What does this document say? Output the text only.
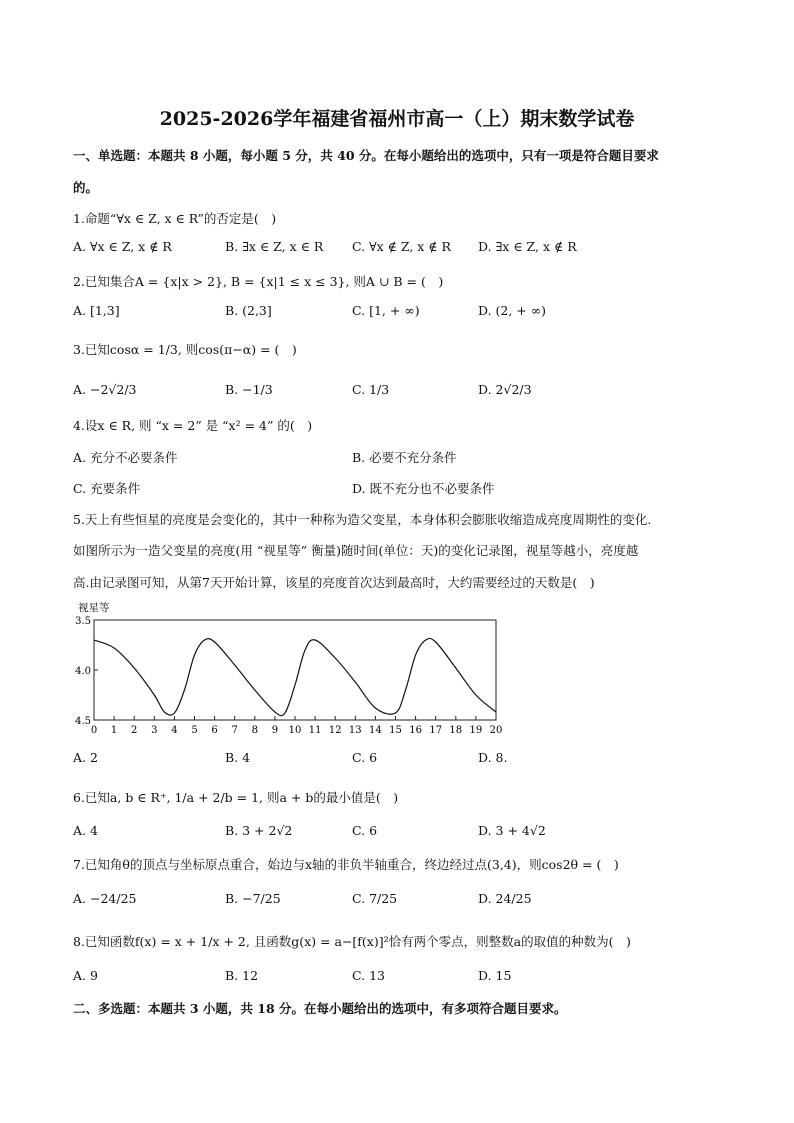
2025-2026学年福建省福州市高一（上）期末数学试卷
一、单选题：本题共 8 小题，每小题 5 分，共 40 分。在每小题给出的选项中，只有一项是符合题目要求
的。
1.命题“∀x ∈ Z, x ∈ R”的否定是(　)
A. ∀x ∈ Z, x ∉ R	B. ∃x ∈ Z, x ∈ R C. ∀x ∉ Z, x ∉ R D. ∃x ∈ Z, x ∉ R
2.已知集合A = {x|x > 2}, B = {x|1 ≤ x ≤ 3}, 则A ∪ B = (　)
A. [1,3]	B. (2,3]	C. [1, + ∞)	D. (2, + ∞)
3.已知cosα = 1/3, 则cos(π−α) = (　)
A. −2√2/3	B. −1/3	C. 1/3	D. 2√2/3
4.设x ∈ R, 则 “x = 2” 是 “x² = 4” 的(　)
A. 充分不必要条件	B. 必要不充分条件
C. 充要条件	D. 既不充分也不必要条件
5.天上有些恒星的亮度是会变化的，其中一种称为造父变星，本身体积会膨胀收缩造成亮度周期性的变化.
如图所示为一造父变星的亮度(用 “视星等” 衡量)随时间(单位：天)的变化记录图，视星等越小，亮度越
高.由记录图可知，从第7天开始计算，该星的亮度首次达到最高时，大约需要经过的天数是(　)
视星等
3.5
4.0
4.5
0 1 2 3 4 5 6 7 8 9 10 11 12 13 14 15 16 17 18 19 20
A. 2	B. 4	C. 6	D. 8.
6.已知a, b ∈ R⁺, 1/a + 2/b = 1, 则a + b的最小值是(　)
A. 4	B. 3 + 2√2	C. 6	D. 3 + 4√2
7.已知角θ的顶点与坐标原点重合，始边与x轴的非负半轴重合，终边经过点(3,4)，则cos2θ = (　)
A. −24/25	B. −7/25	C. 7/25	D. 24/25
8.已知函数f(x) = x + 1/x + 2, 且函数g(x) = a−[f(x)]²恰有两个零点，则整数a的取值的种数为(　)
A. 9	B. 12	C. 13	D. 15
二、多选题：本题共 3 小题，共 18 分。在每小题给出的选项中，有多项符合题目要求。
